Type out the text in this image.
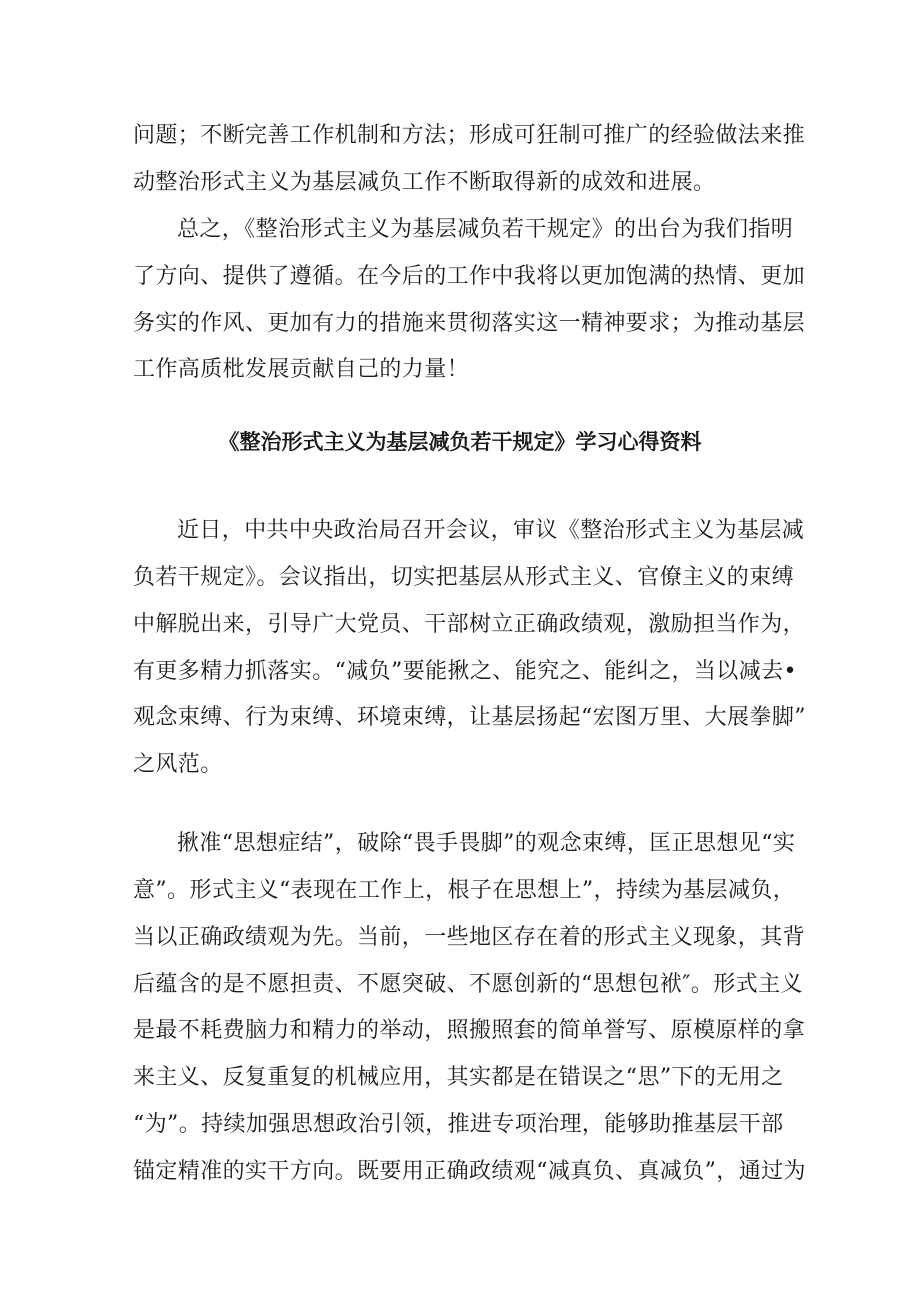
问题；不断完善工作机制和方法；形成可狂制可推广的经验做法来推
动整治形式主义为基层减负工作不断取得新的成效和进展。
总之，《整治形式主义为基层减负若干规定》的出台为我们指明
了方向、提供了遵循。在今后的工作中我将以更加饱满的热情、更加
务实的作风、更加有力的措施来贯彻落实这一精神要求；为推动基层
工作高质枇发展贡献自己的力量！
《整治形式主义为基层减负若干规定》学习心得资料
近日，中共中央政治局召开会议，审议《整治形式主义为基层减
负若干规定》。会议指出，切实把基层从形式主义、官僚主义的束缚
中解脱出来，引导广大党员、干部树立正确政绩观，激励担当作为，
有更多精力抓落实。“减负”要能揪之、能究之、能纠之，当以减去•
观念束缚、行为束缚、环境束缚，让基层扬起“宏图万里、大展拳脚”
之风范。
揪准“思想症结”，破除“畏手畏脚”的观念束缚，匡正思想见“实
意”。形式主义“表现在工作上，根子在思想上”，持续为基层减负，
当以正确政绩观为先。当前，一些地区存在着的形式主义现象，其背
后蕴含的是不愿担责、不愿突破、不愿创新的“思想包袱″。形式主义
是最不耗费脑力和精力的举动，照搬照套的简单誉写、原模原样的拿
来主义、反复重复的机械应用，其实都是在错误之“思”下的无用之
“为”。持续加强思想政治引领，推进专项治理，能够助推基层干部
锚定精准的实干方向。既要用正确政绩观“减真负、真减负”，通过为
